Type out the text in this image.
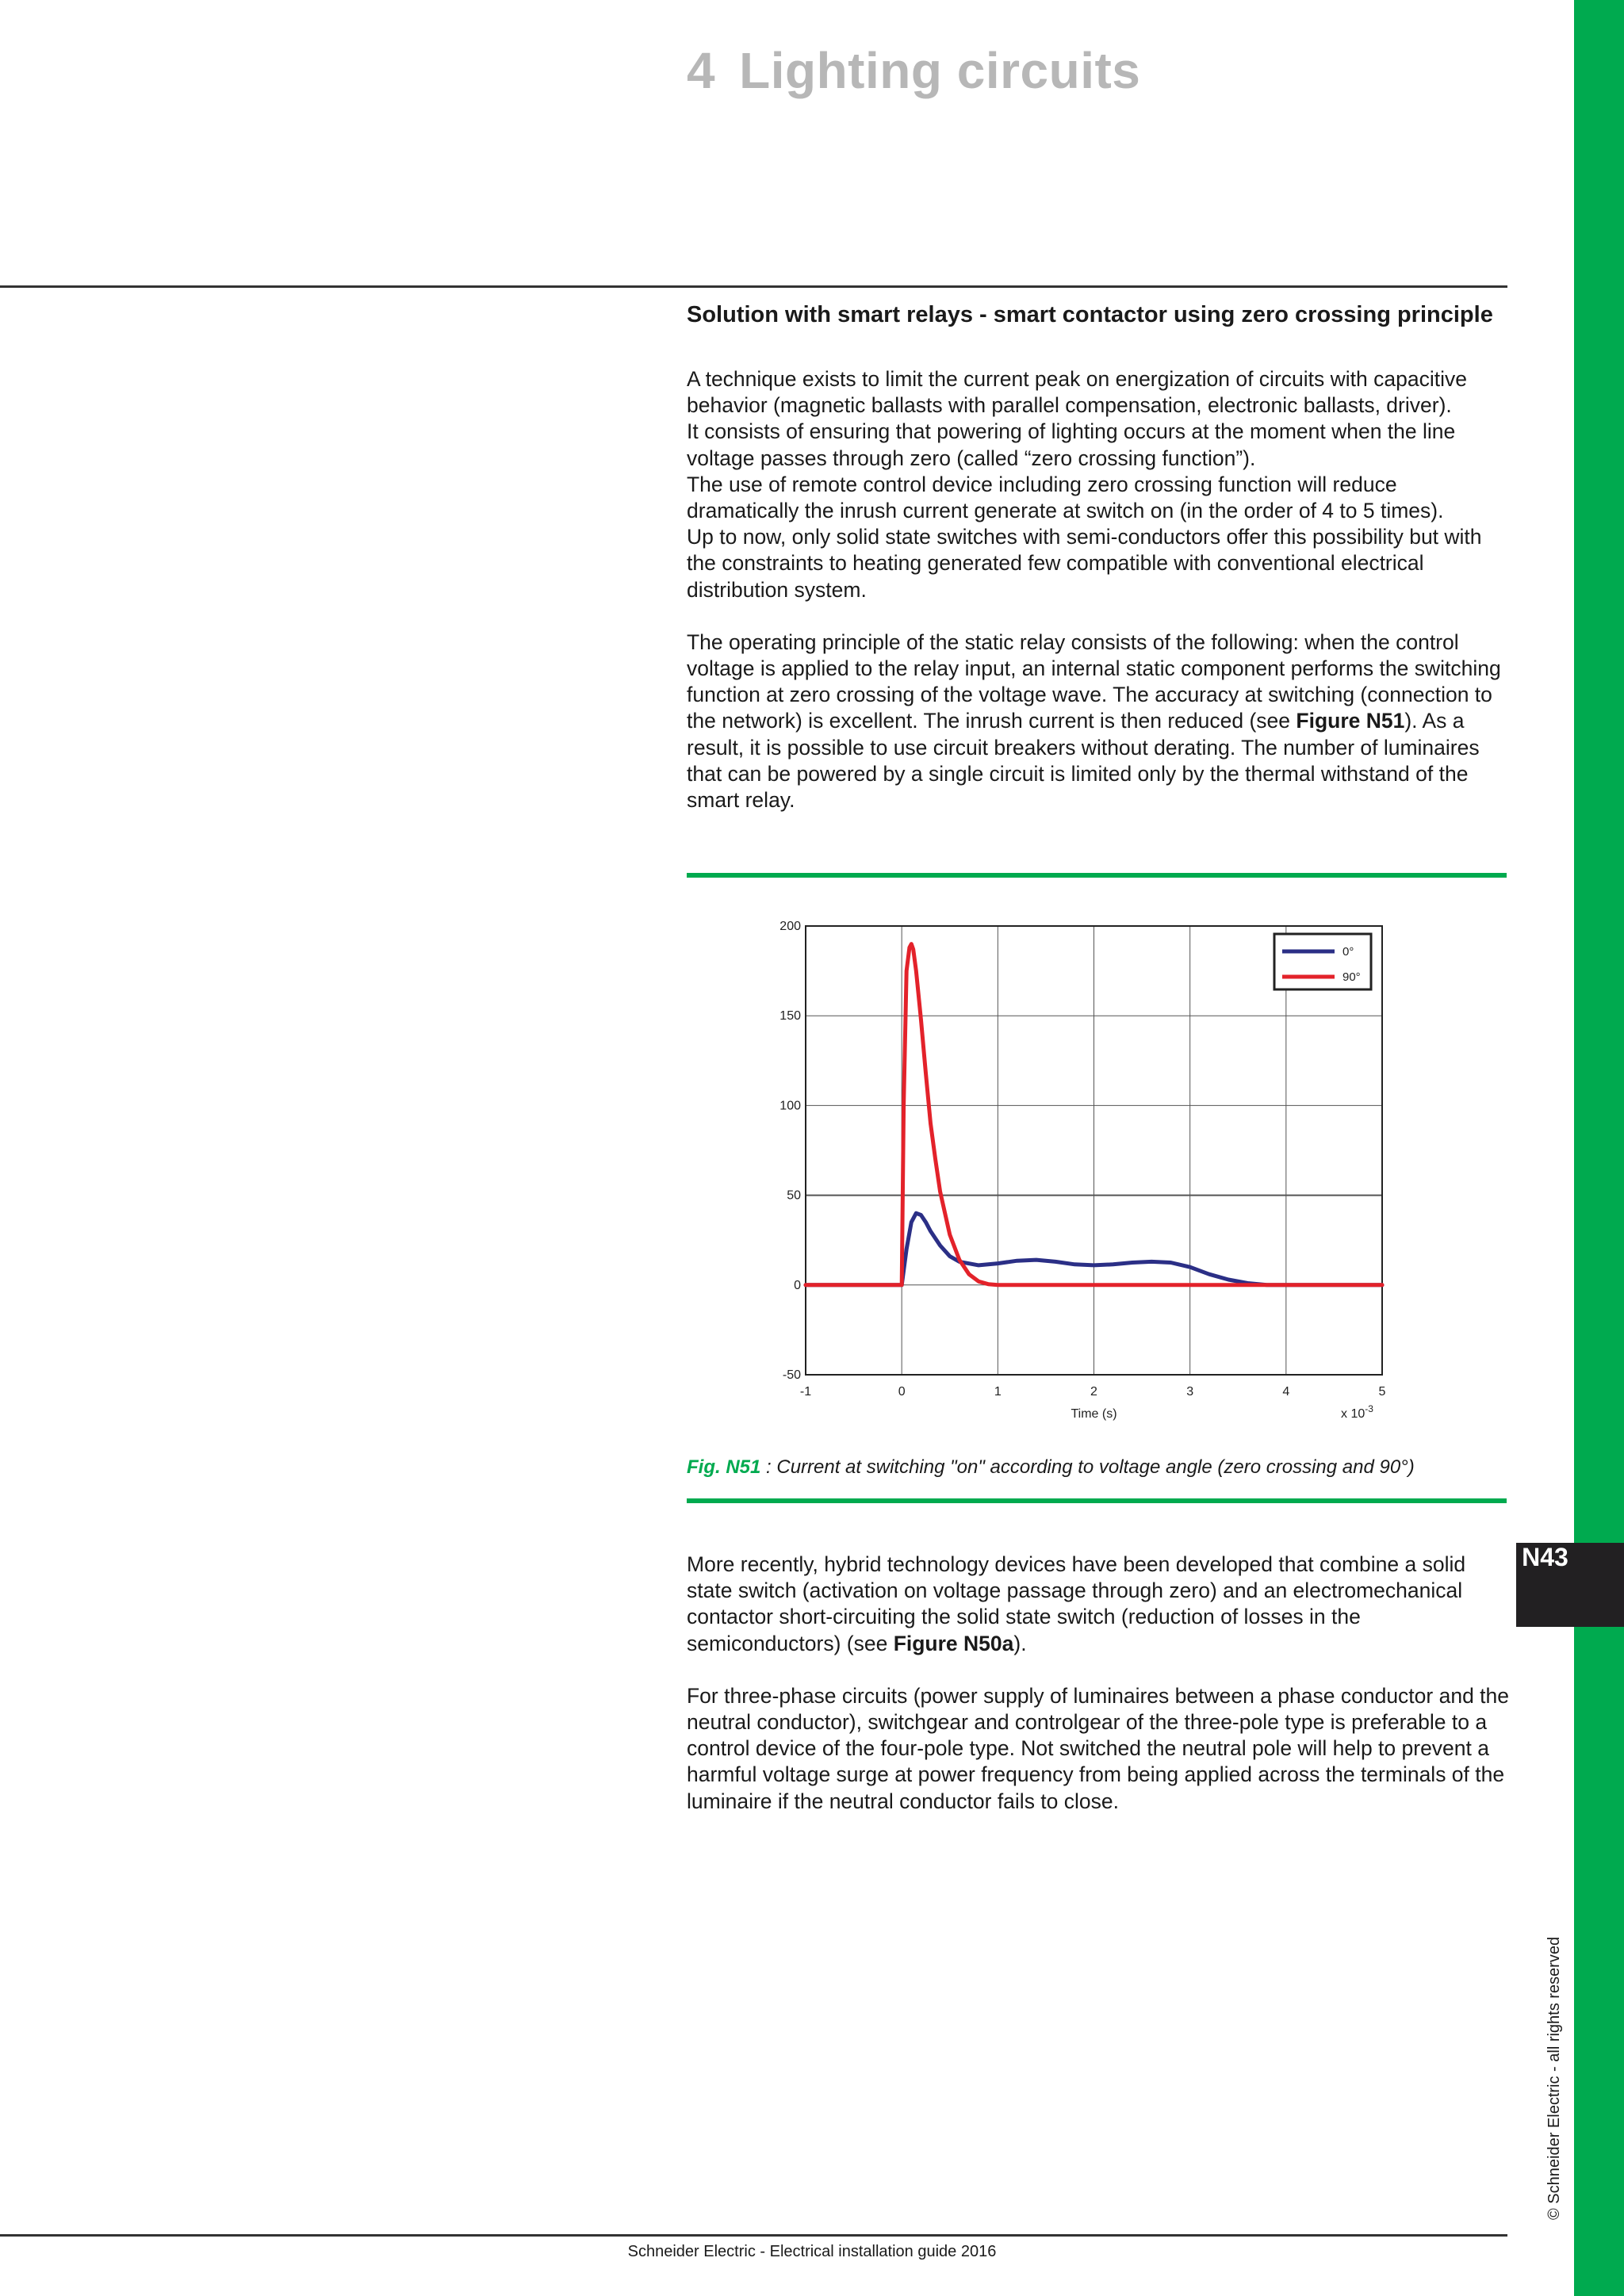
4 Lighting circuits
Solution with smart relays - smart contactor using zero crossing principle

A technique exists to limit the current peak on energization of circuits with capacitive behavior (magnetic ballasts with parallel compensation, electronic ballasts, driver).

It consists of ensuring that powering of lighting occurs at the moment when the line voltage passes through zero (called “zero crossing function”).

The use of remote control device including zero crossing function will reduce dramatically the inrush current generate at switch on (in the order of 4 to 5 times).

Up to now, only solid state switches with semi-conductors offer this possibility but with the constraints to heating generated few compatible with conventional electrical distribution system.

The operating principle of the static relay consists of the following: when the control voltage is applied to the relay input, an internal static component performs the switching function at zero crossing of the voltage wave. The accuracy at switching (connection to the network) is excellent. The inrush current is then reduced (see Figure N51). As a result, it is possible to use circuit breakers without derating. The number of luminaires that can be powered by a single circuit is limited only by the thermal withstand of the smart relay.

-1	0	1	2	3	4	5
-50
0
50
100
150
200
Time (s)	x $10^{-3}$
0°
90°
Fig. N51 : Current at switching "on" according to voltage angle (zero crossing and 90°)

More recently, hybrid technology devices have been developed that combine a solid state switch (activation on voltage passage through zero) and an electromechanical contactor short-circuiting the solid state switch (reduction of losses in the semiconductors) (see Figure N50a).

For three-phase circuits (power supply of luminaires between a phase conductor and the neutral conductor), switchgear and controlgear of the three-pole type is preferable to a control device of the four-pole type. Not switched the neutral pole will help to prevent a harmful voltage surge at power frequency from being applied across the terminals of the luminaire if the neutral conductor fails to close.

N43
© Schneider Electric - all rights reserved
Schneider Electric - Electrical installation guide 2016
